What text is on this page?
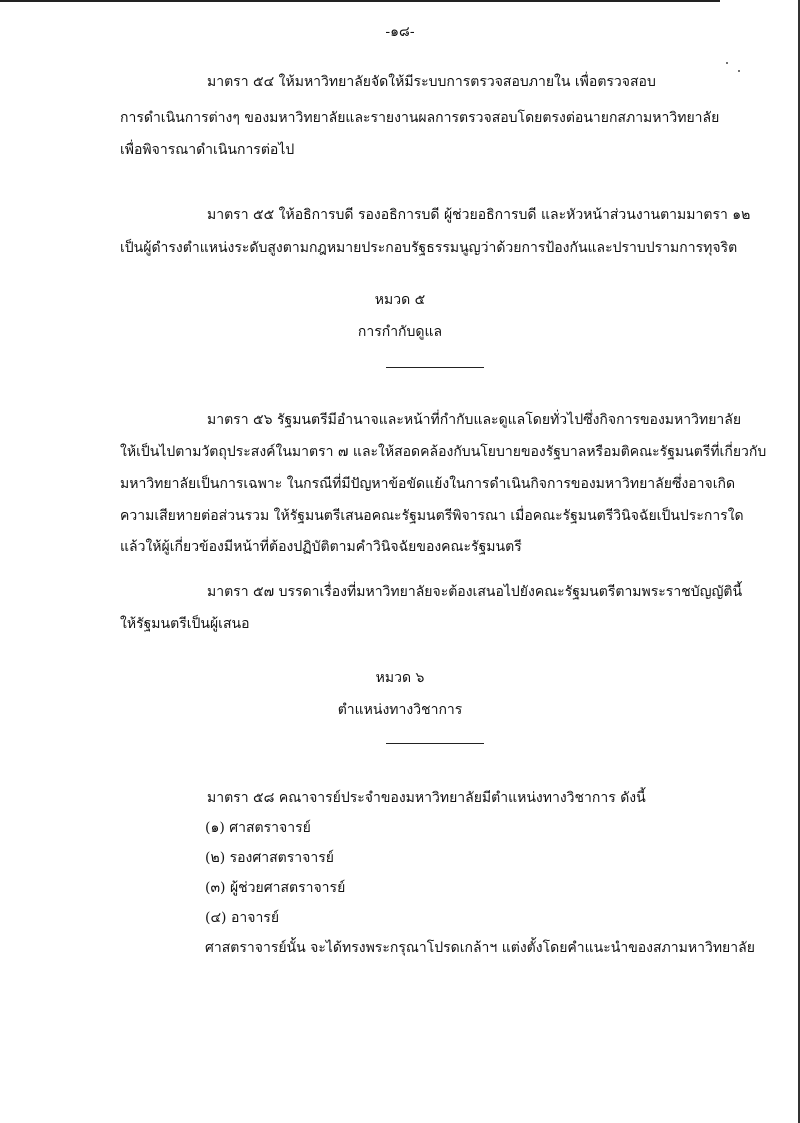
-๑๘-
มาตรา ๕๔ ให้มหาวิทยาลัยจัดให้มีระบบการตรวจสอบภายใน เพื่อตรวจสอบ
การดำเนินการต่างๆ ของมหาวิทยาลัยและรายงานผลการตรวจสอบโดยตรงต่อนายกสภามหาวิทยาลัย
เพื่อพิจารณาดำเนินการต่อไป
มาตรา ๕๕ ให้อธิการบดี รองอธิการบดี ผู้ช่วยอธิการบดี และหัวหน้าส่วนงานตามมาตรา ๑๒
เป็นผู้ดำรงตำแหน่งระดับสูงตามกฎหมายประกอบรัฐธรรมนูญว่าด้วยการป้องกันและปราบปรามการทุจริต
หมวด ๕
การกำกับดูแล
มาตรา ๕๖ รัฐมนตรีมีอำนาจและหน้าที่กำกับและดูแลโดยทั่วไปซึ่งกิจการของมหาวิทยาลัย
ให้เป็นไปตามวัตถุประสงค์ในมาตรา ๗ และให้สอดคล้องกับนโยบายของรัฐบาลหรือมติคณะรัฐมนตรีที่เกี่ยวกับ
มหาวิทยาลัยเป็นการเฉพาะ ในกรณีที่มีปัญหาข้อขัดแย้งในการดำเนินกิจการของมหาวิทยาลัยซึ่งอาจเกิด
ความเสียหายต่อส่วนรวม ให้รัฐมนตรีเสนอคณะรัฐมนตรีพิจารณา เมื่อคณะรัฐมนตรีวินิจฉัยเป็นประการใด
แล้วให้ผู้เกี่ยวข้องมีหน้าที่ต้องปฏิบัติตามคำวินิจฉัยของคณะรัฐมนตรี
มาตรา ๕๗ บรรดาเรื่องที่มหาวิทยาลัยจะต้องเสนอไปยังคณะรัฐมนตรีตามพระราชบัญญัตินี้
ให้รัฐมนตรีเป็นผู้เสนอ
หมวด ๖
ตำแหน่งทางวิชาการ
มาตรา ๕๘ คณาจารย์ประจำของมหาวิทยาลัยมีตำแหน่งทางวิชาการ ดังนี้
(๑) ศาสตราจารย์
(๒) รองศาสตราจารย์
(๓) ผู้ช่วยศาสตราจารย์
(๔) อาจารย์
ศาสตราจารย์นั้น จะได้ทรงพระกรุณาโปรดเกล้าฯ แต่งตั้งโดยคำแนะนำของสภามหาวิทยาลัย
